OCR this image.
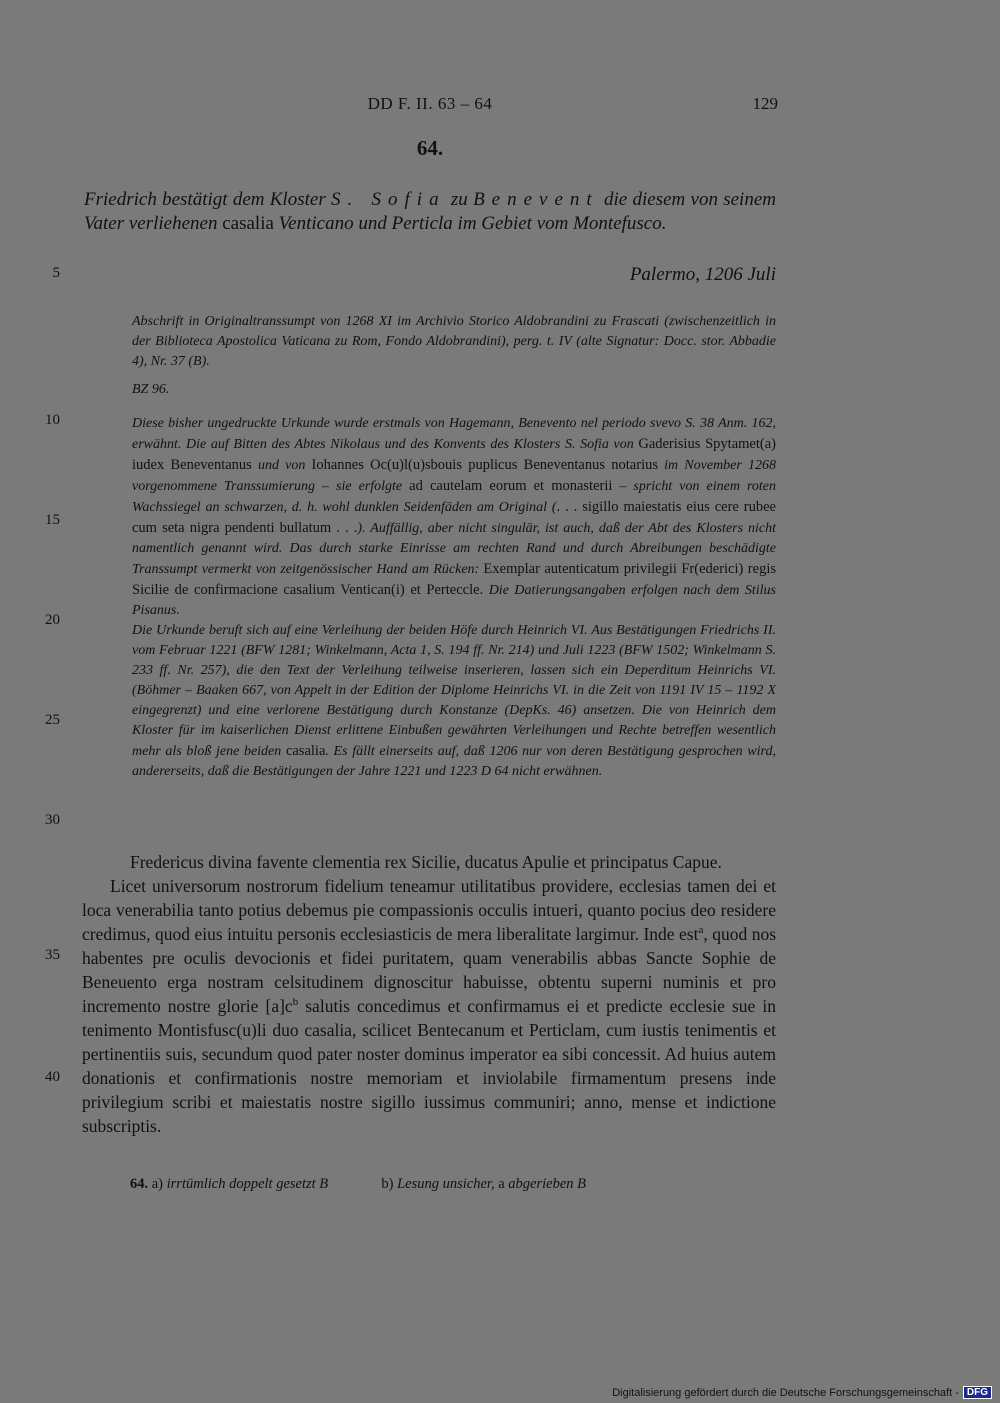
DD F. II. 63 – 64	129
64.
Friedrich bestätigt dem Kloster S. Sofia zu Benevent die diesem von seinem Vater verliehenen casalia Venticano und Perticla im Gebiet vom Montefusco.
Palermo, 1206 Juli
5
10
15
20
25
30
35
40

Abschrift in Originaltranssumpt von 1268 XI im Archivio Storico Aldobrandini zu Frascati (zwischenzeitlich in der Biblioteca Apostolica Vaticana zu Rom, Fondo Aldobrandini), perg. t. IV (alte Signatur: Docc. stor. Abbadie 4), Nr. 37 (B).

BZ 96.

Diese bisher ungedruckte Urkunde wurde erstmals von Hagemann, Benevento nel periodo svevo S. 38 Anm. 162, erwähnt. Die auf Bitten des Abtes Nikolaus und des Konvents des Klosters S. Sofia von Gaderisius Spytamet(a) iudex Beneventanus und von Iohannes Oc(u)l(u)sbouis puplicus Beneventanus notarius im November 1268 vorgenommene Transsumierung – sie erfolgte ad cautelam eorum et monasterii – spricht von einem roten Wachssiegel an schwarzen, d. h. wohl dunklen Seidenfäden am Original (. . . sigillo maiestatis eius cere rubee cum seta nigra pendenti bullatum . . .). Auffällig, aber nicht singulär, ist auch, daß der Abt des Klosters nicht namentlich genannt wird. Das durch starke Einrisse am rechten Rand und durch Abreibungen beschädigte Transsumpt vermerkt von zeitgenössischer Hand am Rücken: Exemplar autenticatum privilegii Fr(ederici) regis Sicilie de confirmacione casalium Ventican(i) et Perteccle. Die Datierungsangaben erfolgen nach dem Stilus Pisanus.

Die Urkunde beruft sich auf eine Verleihung der beiden Höfe durch Heinrich VI. Aus Bestätigungen Friedrichs II. vom Februar 1221 (BFW 1281; Winkelmann, Acta 1, S. 194 ff. Nr. 214) und Juli 1223 (BFW 1502; Winkelmann S. 233 ff. Nr. 257), die den Text der Verleihung teilweise inserieren, lassen sich ein Deperditum Heinrichs VI. (Böhmer – Baaken 667, von Appelt in der Edition der Diplome Heinrichs VI. in die Zeit von 1191 IV 15 – 1192 X eingegrenzt) und eine verlorene Bestätigung durch Konstanze (DepKs. 46) ansetzen. Die von Heinrich dem Kloster für im kaiserlichen Dienst erlittene Einbußen gewährten Verleihungen und Rechte betreffen wesentlich mehr als bloß jene beiden casalia. Es fällt einerseits auf, daß 1206 nur von deren Bestätigung gesprochen wird, andererseits, daß die Bestätigungen der Jahre 1221 und 1223 D 64 nicht erwähnen.

Fredericus divina favente clementia rex Sicilie, ducatus Apulie et principatus Capue.

Licet universorum nostrorum fidelium teneamur utilitatibus providere, ecclesias tamen dei et loca venerabilia tanto potius debemus pie compassionis occulis intueri, quanto pocius deo residere credimus, quod eius intuitu personis ecclesiasticis de mera liberalitate largimur. Inde est$^a$, quod nos habentes pre oculis devocionis et fidei puritatem, quam venerabilis abbas Sancte Sophie de Beneuento erga nostram celsitudinem dignoscitur habuisse, obtentu superni numinis et pro incremento nostre glorie $[a]c^b$ salutis concedimus et confirmamus ei et predicte ecclesie sue in tenimento Montisfusc(u)li duo casalia, scilicet Bentecanum et Perticlam, cum iustis tenimentis et pertinentiis suis, secundum quod pater noster dominus imperator ea sibi concessit. Ad huius autem donationis et confirmationis nostre memoriam et inviolabile firmamentum presens inde privilegium scribi et maiestatis nostre sigillo iussimus communiri; anno, mense et indictione subscriptis.

64. a) irrtümlich doppelt gesetzt B	b) Lesung unsicher, a abgerieben B
Digitalisierung gefördert durch die Deutsche Forschungsgemeinschaft - DFG
